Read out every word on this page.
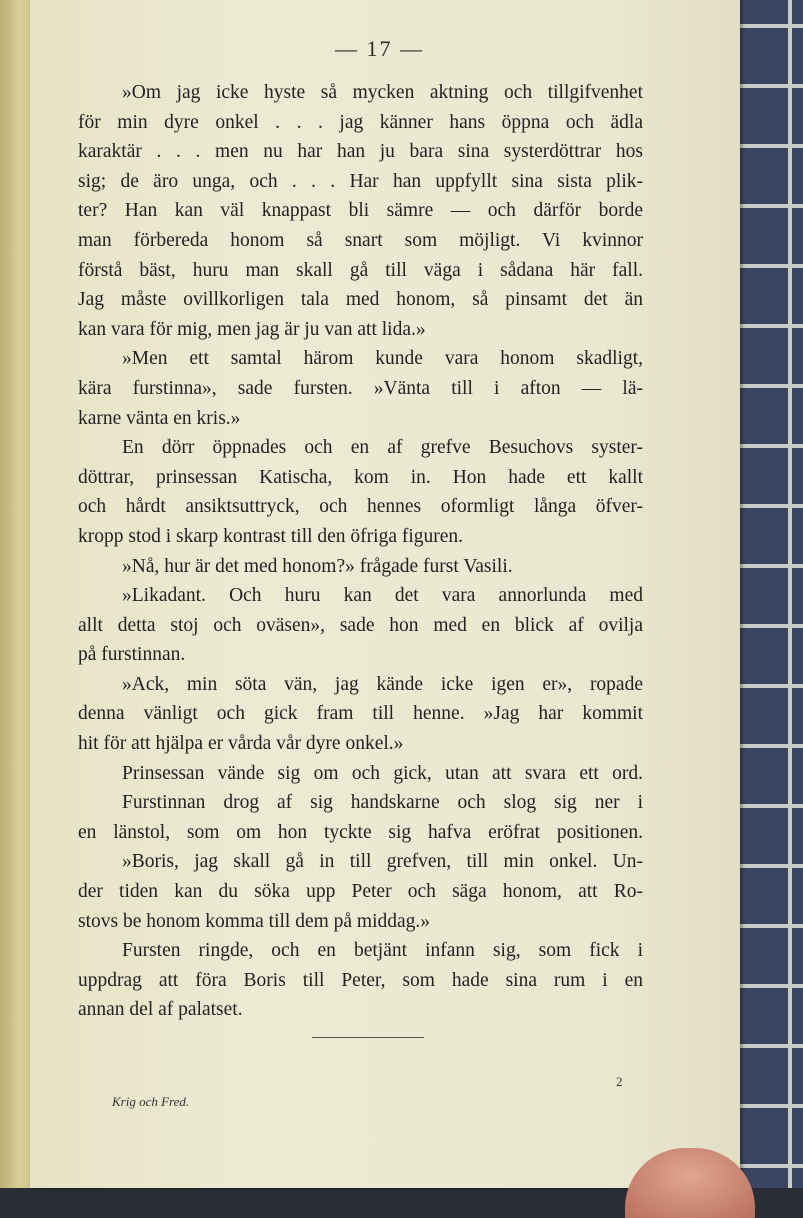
— 17 —
»Om jag icke hyste så mycken aktning och tillgifvenhet
för min dyre onkel . . . jag känner hans öppna och ädla
karaktär . . . men nu har han ju bara sina systerdöttrar hos
sig; de äro unga, och . . . Har han uppfyllt sina sista plik-
ter? Han kan väl knappast bli sämre — och därför borde
man förbereda honom så snart som möjligt. Vi kvinnor
förstå bäst, huru man skall gå till väga i sådana här fall.
Jag måste ovillkorligen tala med honom, så pinsamt det än
kan vara för mig, men jag är ju van att lida.»
»Men ett samtal härom kunde vara honom skadligt,
kära furstinna», sade fursten. »Vänta till i afton — lä-
karne vänta en kris.»
En dörr öppnades och en af grefve Besuchovs syster-
döttrar, prinsessan Katischa, kom in. Hon hade ett kallt
och hårdt ansiktsuttryck, och hennes oformligt långa öfver-
kropp stod i skarp kontrast till den öfriga figuren.
»Nå, hur är det med honom?» frågade furst Vasili.
»Likadant. Och huru kan det vara annorlunda med
allt detta stoj och oväsen», sade hon med en blick af ovilja
på furstinnan.
»Ack, min söta vän, jag kände icke igen er», ropade
denna vänligt och gick fram till henne. »Jag har kommit
hit för att hjälpa er vårda vår dyre onkel.»
Prinsessan vände sig om och gick, utan att svara ett ord.
Furstinnan drog af sig handskarne och slog sig ner i
en länstol, som om hon tyckte sig hafva eröfrat positionen.
»Boris, jag skall gå in till grefven, till min onkel. Un-
der tiden kan du söka upp Peter och säga honom, att Ro-
stovs be honom komma till dem på middag.»
Fursten ringde, och en betjänt infann sig, som fick i
uppdrag att föra Boris till Peter, som hade sina rum i en
annan del af palatset.
2
Krig och Fred.
